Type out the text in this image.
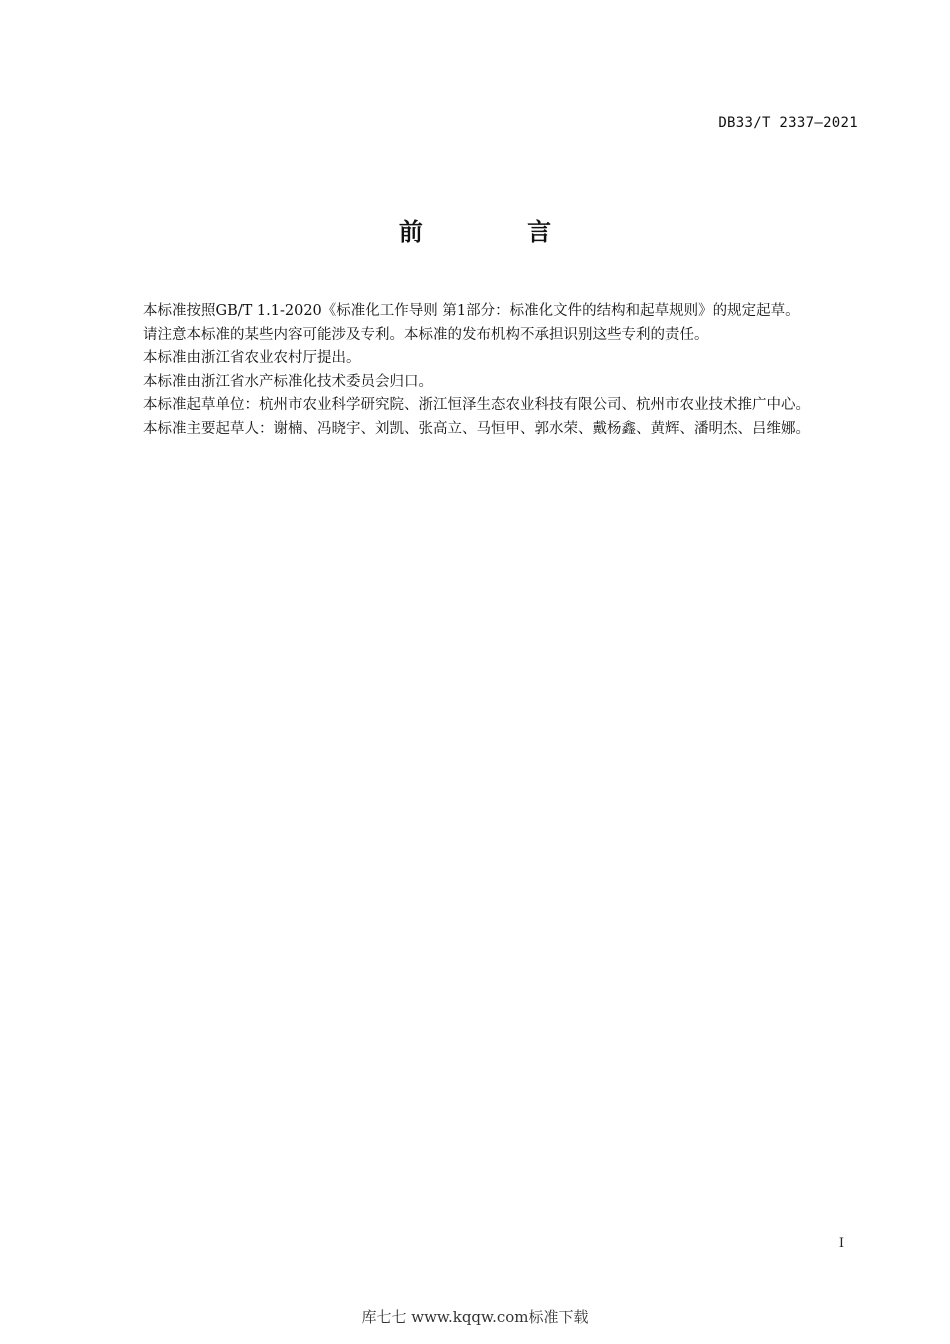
DB33/T 2337—2021
前 言

本标准按照GB/T 1.1-2020《标准化工作导则 第1部分：标准化文件的结构和起草规则》的规定起草。

请注意本标准的某些内容可能涉及专利。本标准的发布机构不承担识别这些专利的责任。

本标准由浙江省农业农村厅提出。

本标准由浙江省水产标准化技术委员会归口。

本标准起草单位：杭州市农业科学研究院、浙江恒泽生态农业科技有限公司、杭州市农业技术推广中心。

本标准主要起草人：谢楠、冯晓宇、刘凯、张高立、马恒甲、郭水荣、戴杨鑫、黄辉、潘明杰、吕维娜。

I
库七七 www.kqqw.com标准下载
